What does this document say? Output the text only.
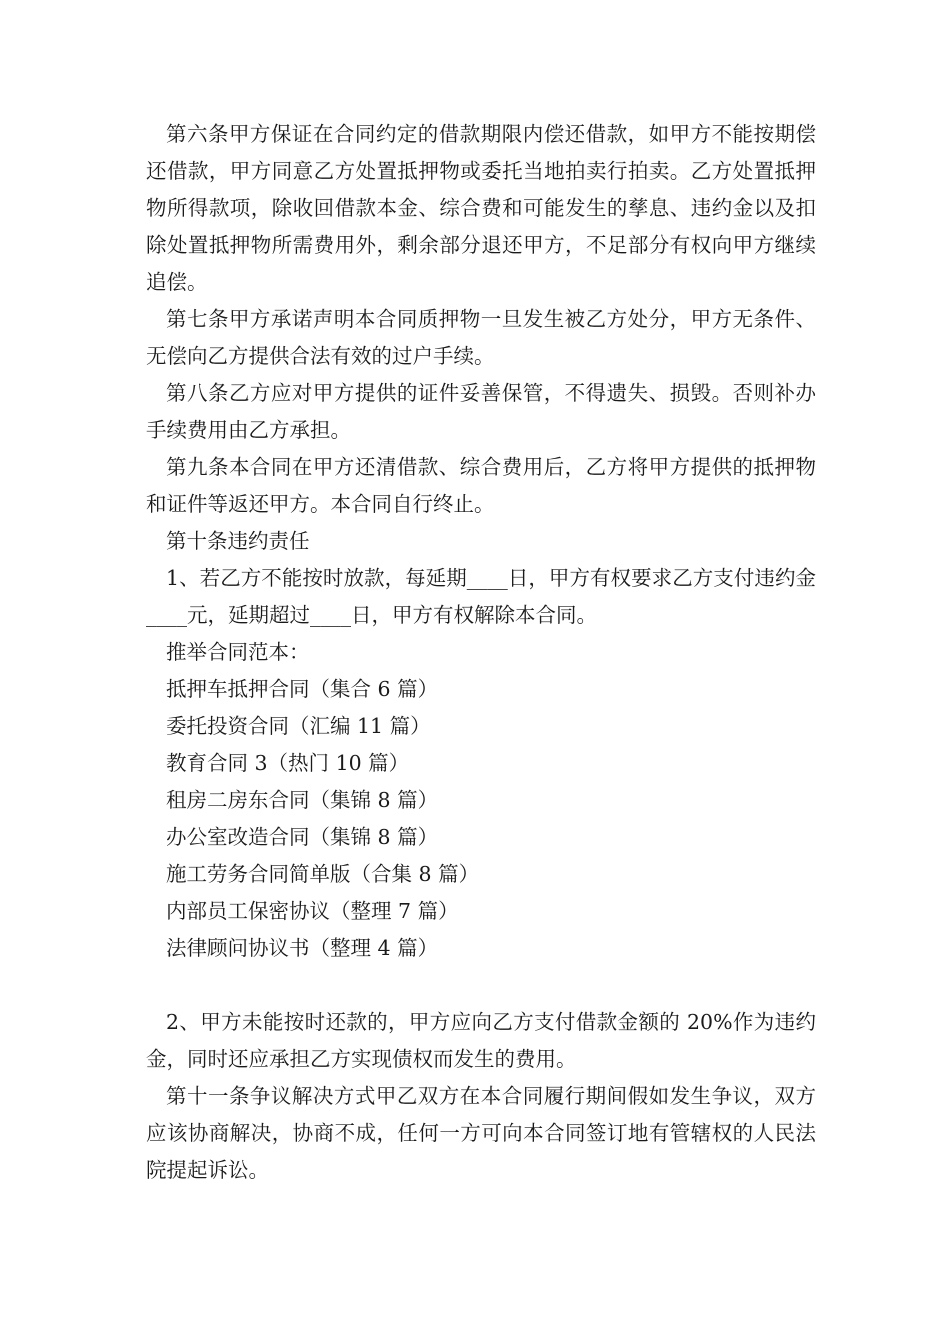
第六条甲方保证在合同约定的借款期限内偿还借款，如甲方不能按期偿还借款，甲方同意乙方处置抵押物或委托当地拍卖行拍卖。乙方处置抵押物所得款项，除收回借款本金、综合费和可能发生的孳息、违约金以及扣除处置抵押物所需费用外，剩余部分退还甲方，不足部分有权向甲方继续追偿。

第七条甲方承诺声明本合同质押物一旦发生被乙方处分，甲方无条件、无偿向乙方提供合法有效的过户手续。

第八条乙方应对甲方提供的证件妥善保管，不得遗失、损毁。否则补办手续费用由乙方承担。

第九条本合同在甲方还清借款、综合费用后，乙方将甲方提供的抵押物和证件等返还甲方。本合同自行终止。

第十条违约责任

1、若乙方不能按时放款，每延期____日，甲方有权要求乙方支付违约金____元，延期超过____日，甲方有权解除本合同。

推举合同范本：

抵押车抵押合同（集合 6 篇）

委托投资合同（汇编 11 篇）

教育合同 3（热门 10 篇）

租房二房东合同（集锦 8 篇）

办公室改造合同（集锦 8 篇）

施工劳务合同简单版（合集 8 篇）

内部员工保密协议（整理 7 篇）

法律顾问协议书（整理 4 篇）

2、甲方未能按时还款的，甲方应向乙方支付借款金额的 20%作为违约金，同时还应承担乙方实现债权而发生的费用。

第十一条争议解决方式甲乙双方在本合同履行期间假如发生争议，双方应该协商解决，协商不成，任何一方可向本合同签订地有管辖权的人民法院提起诉讼。
